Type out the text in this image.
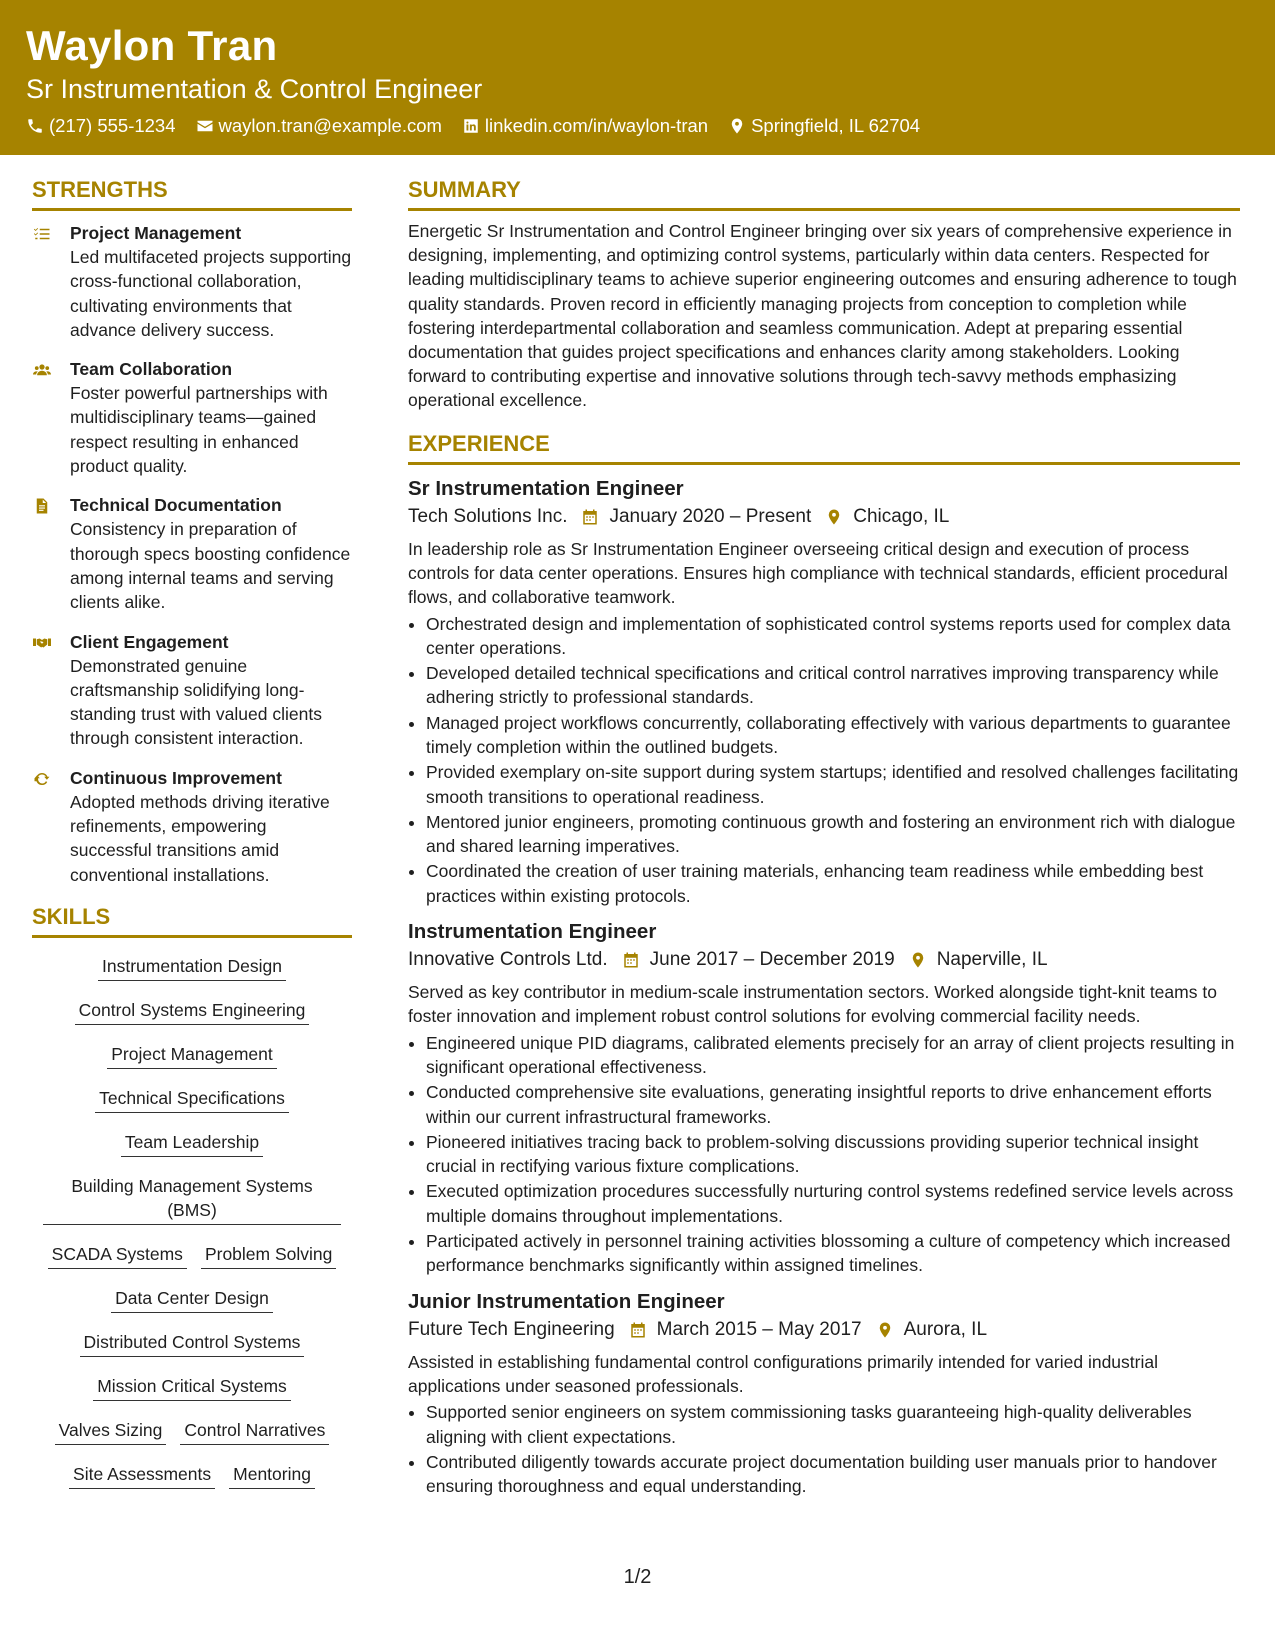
Waylon Tran
Sr Instrumentation & Control Engineer
(217) 555-1234 waylon.tran@example.com linkedin.com/in/waylon-tran Springfield, IL 62704
STRENGTHS
Project Management
Led multifaceted projects supporting cross-functional collaboration, cultivating environments that advance delivery success.
Team Collaboration
Foster powerful partnerships with multidisciplinary teams—gained respect resulting in enhanced product quality.
Technical Documentation
Consistency in preparation of thorough specs boosting confidence among internal teams and serving clients alike.
Client Engagement
Demonstrated genuine craftsmanship solidifying long-standing trust with valued clients through consistent interaction.
Continuous Improvement
Adopted methods driving iterative refinements, empowering successful transitions amid conventional installations.
SKILLS
Instrumentation Design
Control Systems Engineering
Project Management
Technical Specifications
Team Leadership
Building Management Systems (BMS)
SCADA Systems Problem Solving
Data Center Design
Distributed Control Systems
Mission Critical Systems
Valves Sizing Control Narratives
Site Assessments Mentoring
SUMMARY
Energetic Sr Instrumentation and Control Engineer bringing over six years of comprehensive experience in designing, implementing, and optimizing control systems, particularly within data centers. Respected for leading multidisciplinary teams to achieve superior engineering outcomes and ensuring adherence to tough quality standards. Proven record in efficiently managing projects from conception to completion while fostering interdepartmental collaboration and seamless communication. Adept at preparing essential documentation that guides project specifications and enhances clarity among stakeholders. Looking forward to contributing expertise and innovative solutions through tech-savvy methods emphasizing operational excellence.
EXPERIENCE
Sr Instrumentation Engineer
Tech Solutions Inc. January 2020 – Present Chicago, IL
In leadership role as Sr Instrumentation Engineer overseeing critical design and execution of process controls for data center operations. Ensures high compliance with technical standards, efficient procedural flows, and collaborative teamwork.
• Orchestrated design and implementation of sophisticated control systems reports used for complex data center operations.
• Developed detailed technical specifications and critical control narratives improving transparency while adhering strictly to professional standards.
• Managed project workflows concurrently, collaborating effectively with various departments to guarantee timely completion within the outlined budgets.
• Provided exemplary on-site support during system startups; identified and resolved challenges facilitating smooth transitions to operational readiness.
• Mentored junior engineers, promoting continuous growth and fostering an environment rich with dialogue and shared learning imperatives.
• Coordinated the creation of user training materials, enhancing team readiness while embedding best practices within existing protocols.
Instrumentation Engineer
Innovative Controls Ltd. June 2017 – December 2019 Naperville, IL
Served as key contributor in medium-scale instrumentation sectors. Worked alongside tight-knit teams to foster innovation and implement robust control solutions for evolving commercial facility needs.
• Engineered unique PID diagrams, calibrated elements precisely for an array of client projects resulting in significant operational effectiveness.
• Conducted comprehensive site evaluations, generating insightful reports to drive enhancement efforts within our current infrastructural frameworks.
• Pioneered initiatives tracing back to problem-solving discussions providing superior technical insight crucial in rectifying various fixture complications.
• Executed optimization procedures successfully nurturing control systems redefined service levels across multiple domains throughout implementations.
• Participated actively in personnel training activities blossoming a culture of competency which increased performance benchmarks significantly within assigned timelines.
Junior Instrumentation Engineer
Future Tech Engineering March 2015 – May 2017 Aurora, IL
Assisted in establishing fundamental control configurations primarily intended for varied industrial applications under seasoned professionals.
• Supported senior engineers on system commissioning tasks guaranteeing high-quality deliverables aligning with client expectations.
• Contributed diligently towards accurate project documentation building user manuals prior to handover ensuring thoroughness and equal understanding.
1/2
